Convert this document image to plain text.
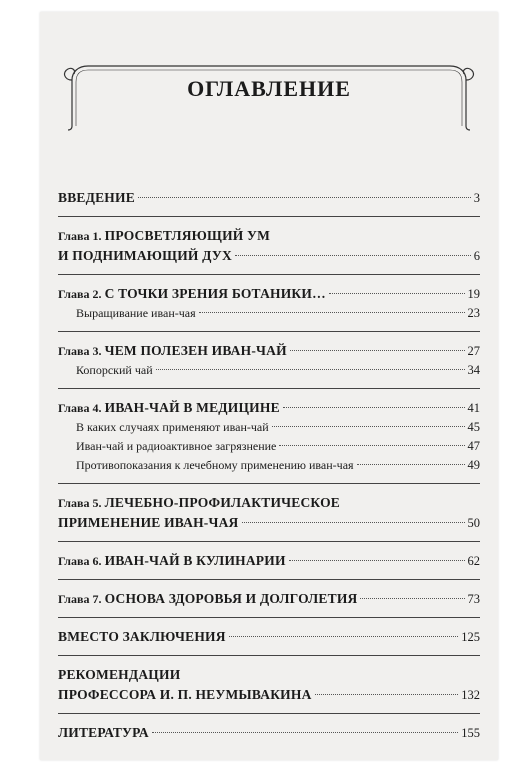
ОГЛАВЛЕНИЕ
ВВЕДЕНИЕ	3
Глава 1. ПРОСВЕТЛЯЮЩИЙ УМ
И ПОДНИМАЮЩИЙ ДУХ	6
Глава 2. С ТОЧКИ ЗРЕНИЯ БОТАНИКИ…	19
Выращивание иван-чая	23
Глава 3. ЧЕМ ПОЛЕЗЕН ИВАН-ЧАЙ	27
Копорский чай	34
Глава 4. ИВАН-ЧАЙ В МЕДИЦИНЕ	41
В каких случаях применяют иван-чай	45
Иван-чай и радиоактивное загрязнение	47
Противопоказания к лечебному применению иван-чая	49
Глава 5. ЛЕЧЕБНО-ПРОФИЛАКТИЧЕСКОЕ
ПРИМЕНЕНИЕ ИВАН-ЧАЯ	50
Глава 6. ИВАН-ЧАЙ В КУЛИНАРИИ	62
Глава 7. ОСНОВА ЗДОРОВЬЯ И ДОЛГОЛЕТИЯ	73
ВМЕСТО ЗАКЛЮЧЕНИЯ	125
РЕКОМЕНДАЦИИ
ПРОФЕССОРА И. П. НЕУМЫВАКИНА	132
ЛИТЕРАТУРА	155
